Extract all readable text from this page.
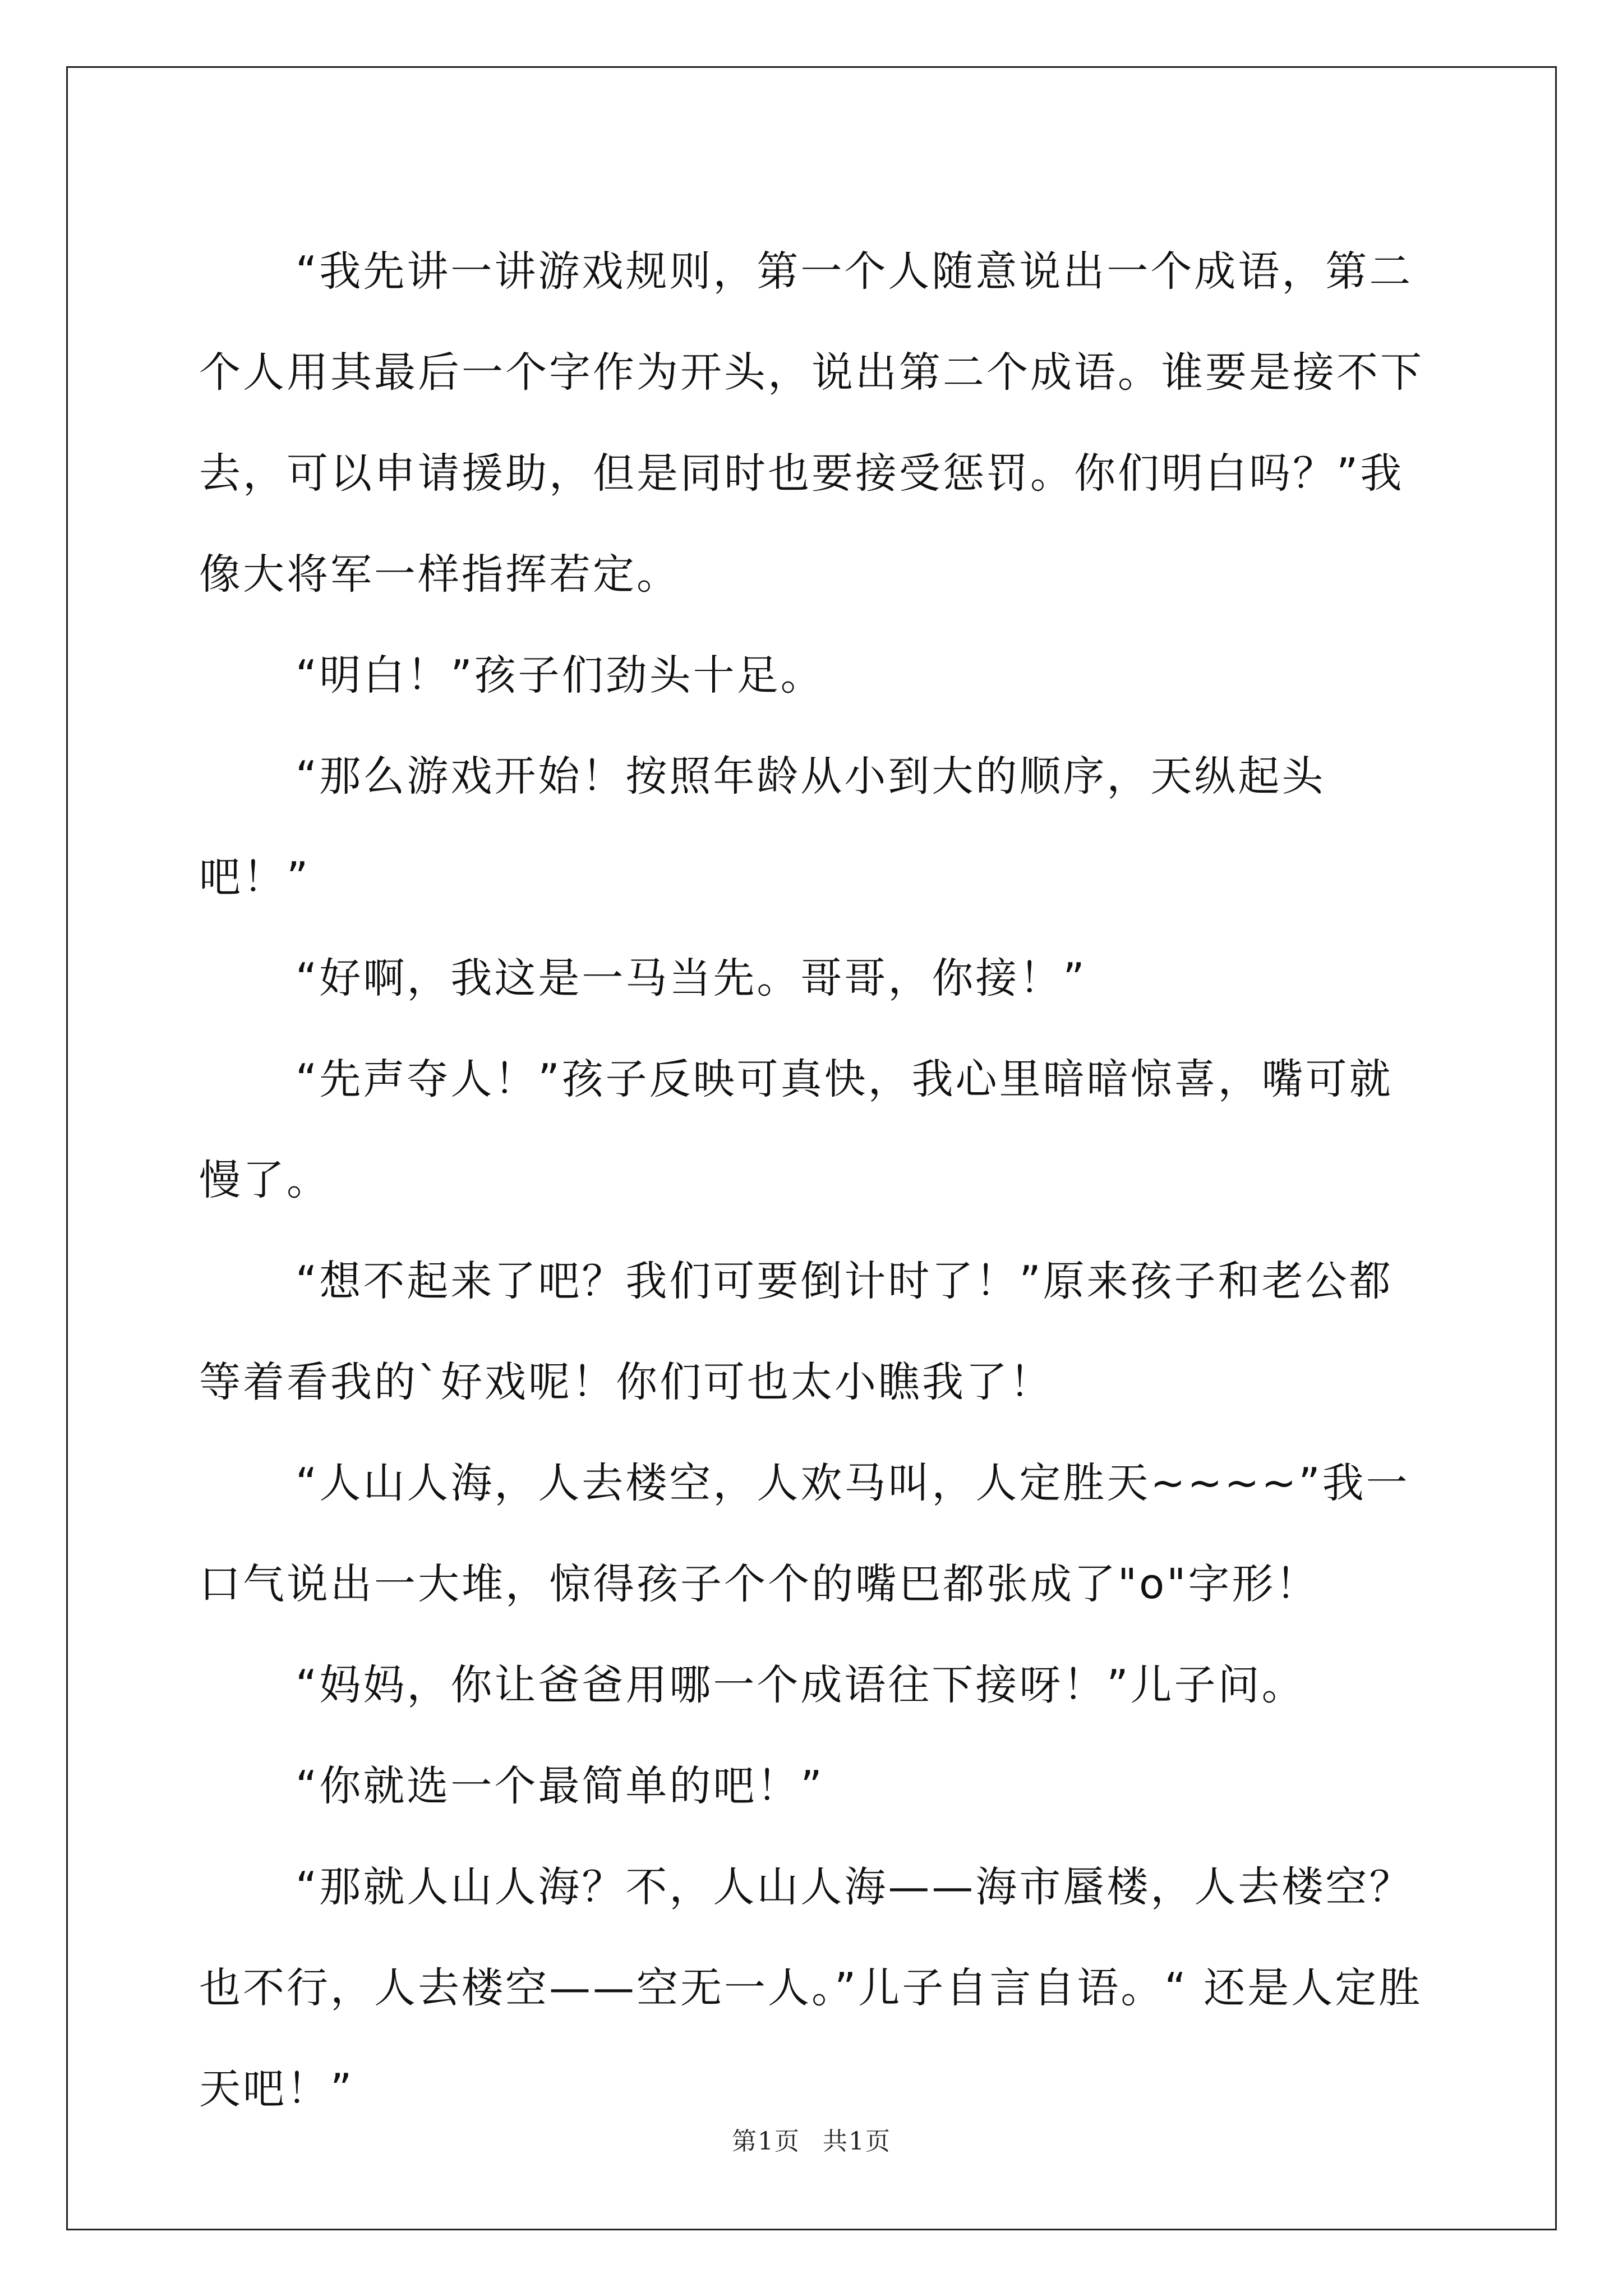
“我先讲一讲游戏规则，第一个人随意说出一个成语，第二个人用其最后一个字作为开头，说出第二个成语。谁要是接不下去，可以申请援助，但是同时也要接受惩罚。你们明白吗？”我像大将军一样指挥若定。

“明白！”孩子们劲头十足。

“那么游戏开始！按照年龄从小到大的顺序，天纵起头吧！”

“好啊，我这是一马当先。哥哥，你接！”

“先声夺人！”孩子反映可真快，我心里暗暗惊喜，嘴可就慢了。

“想不起来了吧？我们可要倒计时了！”原来孩子和老公都等着看我的`好戏呢！你们可也太小瞧我了！

“人山人海，人去楼空，人欢马叫，人定胜天~~~~”我一口气说出一大堆，惊得孩子个个的嘴巴都张成了"o"字形！

“妈妈，你让爸爸用哪一个成语往下接呀！”儿子问。

“你就选一个最简单的吧！”

“那就人山人海？不，人山人海——海市蜃楼，人去楼空？也不行，人去楼空——空无一人。”儿子自言自语。“ 还是人定胜天吧！”

第1页 共1页
